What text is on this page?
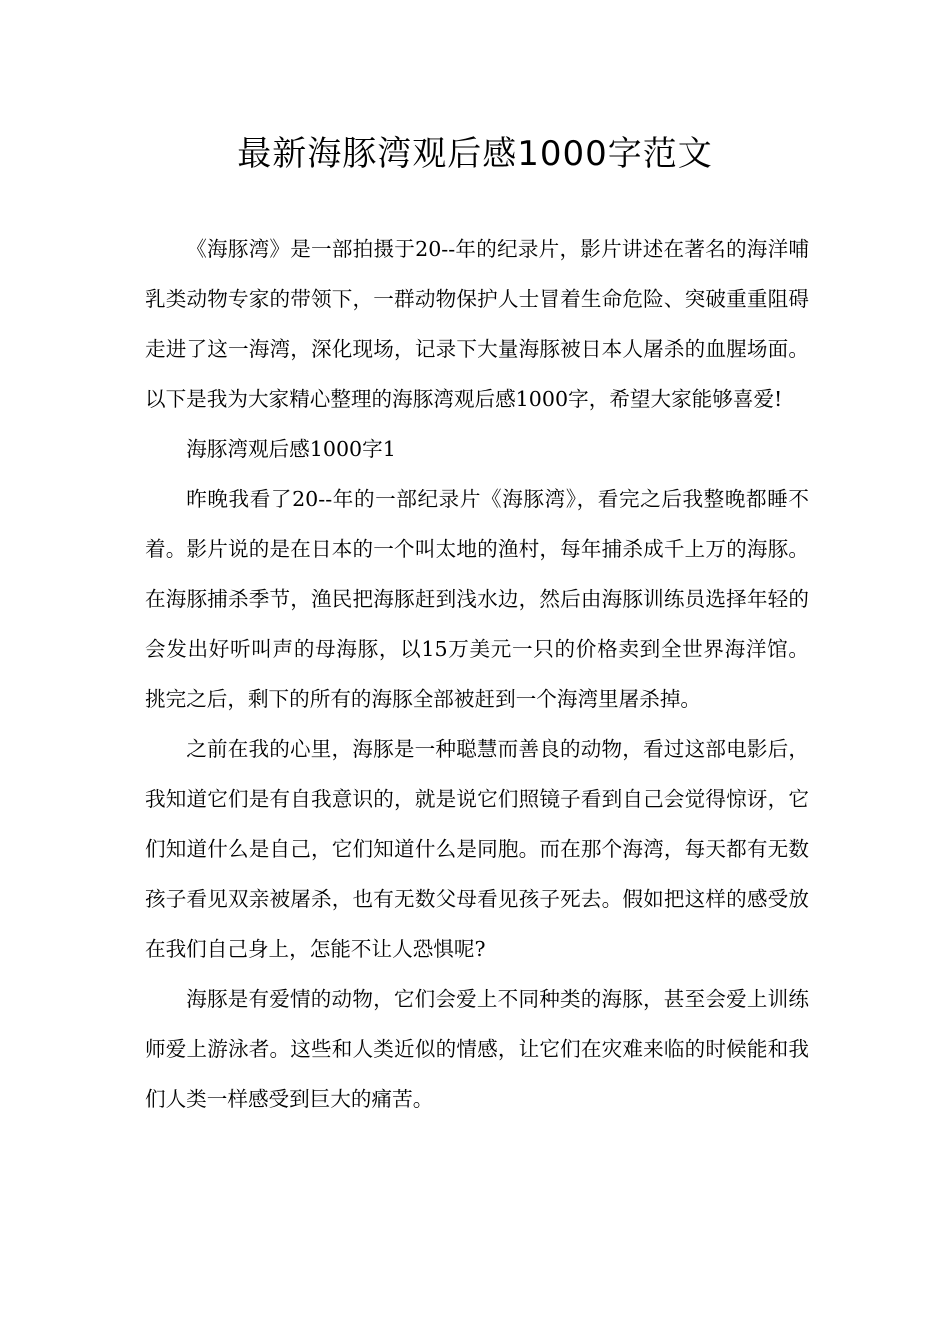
最新海豚湾观后感1000字范文

《海豚湾》是一部拍摄于20--年的纪录片，影片讲述在著名的海洋哺乳类动物专家的带领下，一群动物保护人士冒着生命危险、突破重重阻碍走进了这一海湾，深化现场，记录下大量海豚被日本人屠杀的血腥场面。以下是我为大家精心整理的海豚湾观后感1000字，希望大家能够喜爱!

海豚湾观后感1000字1

昨晚我看了20--年的一部纪录片《海豚湾》，看完之后我整晚都睡不着。影片说的是在日本的一个叫太地的渔村，每年捕杀成千上万的海豚。在海豚捕杀季节，渔民把海豚赶到浅水边，然后由海豚训练员选择年轻的会发出好听叫声的母海豚，以15万美元一只的价格卖到全世界海洋馆。挑完之后，剩下的所有的海豚全部被赶到一个海湾里屠杀掉。

之前在我的心里，海豚是一种聪慧而善良的动物，看过这部电影后，我知道它们是有自我意识的，就是说它们照镜子看到自己会觉得惊讶，它们知道什么是自己，它们知道什么是同胞。而在那个海湾，每天都有无数孩子看见双亲被屠杀，也有无数父母看见孩子死去。假如把这样的感受放在我们自己身上，怎能不让人恐惧呢?

海豚是有爱情的动物，它们会爱上不同种类的海豚，甚至会爱上训练师爱上游泳者。这些和人类近似的情感，让它们在灾难来临的时候能和我们人类一样感受到巨大的痛苦。
